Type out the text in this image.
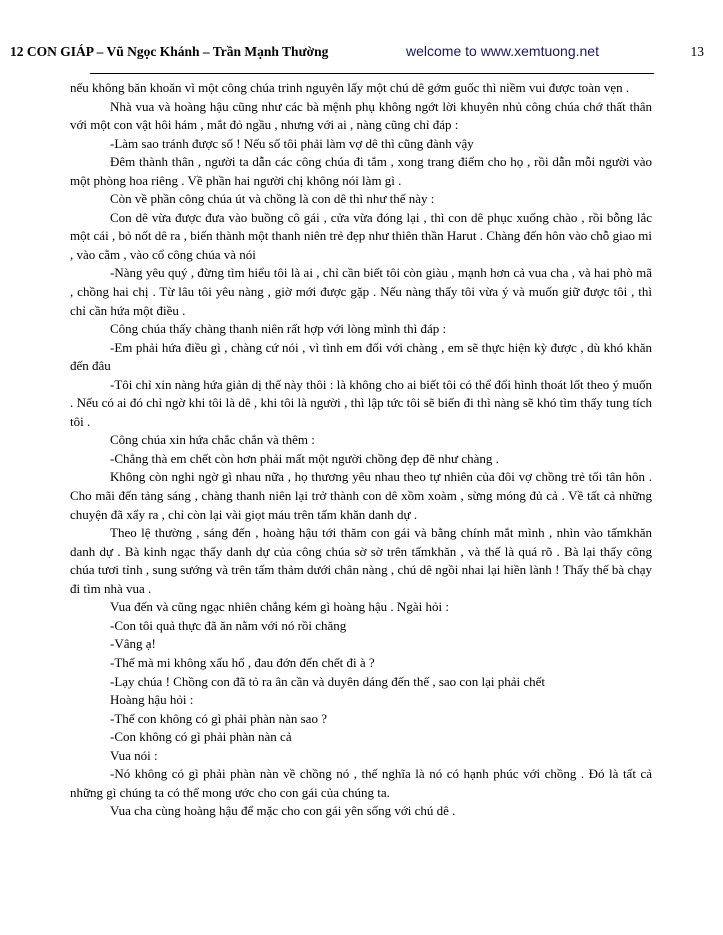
12 CON GIÁP – Vũ Ngọc Khánh – Trần Mạnh Thường	welcome to www.xemtuong.net	13

nếu không băn khoăn vì một công chúa trinh nguyên lấy một chú dê gớm guốc thì niềm vui được toàn vẹn .

Nhà vua và hoàng hậu cũng như các bà mệnh phụ không ngớt lời khuyên nhủ công chúa chớ thất thân với một con vật hôi hám , mắt đỏ ngầu , nhưng với ai , nàng cũng chỉ đáp :

-Làm sao tránh được số ! Nếu số tôi phải làm vợ dê thì cũng đành vậy

Đêm thành thân , người ta dẫn các công chúa đi tắm , xong trang điểm cho họ , rồi dẫn mỗi người vào một phòng hoa riêng . Về phần hai người chị không nói làm gì .

Còn về phần công chúa út và chồng là con dê thì như thế này :

Con dê vừa được đưa vào buồng cô gái , cửa vừa đóng lại , thì con dê phục xuống chào , rồi bỗng lắc một cái , bỏ nốt dê ra , biến thành một thanh niên trẻ đẹp như thiên thần Harut . Chàng đến hôn vào chỗ giao mi , vào cằm , vào cổ công chúa và nói

-Nàng yêu quý , đừng tìm hiểu tôi là ai , chỉ cần biết tôi còn giàu , mạnh hơn cả vua cha , và hai phò mã , chồng hai chị . Từ lâu tôi yêu nàng , giờ mới được gặp . Nếu nàng thấy tôi vừa ý và muốn giữ được tôi , thì chỉ cần hứa một điều .

Công chúa thấy chàng thanh niên rất hợp với lòng mình thì đáp :

-Em phải hứa điều gì , chàng cứ nói , vì tình em đối với chàng , em sẽ thực hiện kỳ được , dù khó khăn đến đâu

-Tôi chỉ xin nàng hứa giản dị thế này thôi : là không cho ai biết tôi có thể đổi hình thoát lốt theo ý muốn . Nếu có ai đó chỉ ngờ khi tôi là dê , khi tôi là người , thì lập tức tôi sẽ biến đi thì nàng sẽ khó tìm thấy tung tích tôi .

Công chúa xin hứa chắc chắn và thêm :

-Chẳng thà em chết còn hơn phải mất một người chồng đẹp đẽ như chàng .

Không còn nghi ngờ gì nhau nữa , họ thương yêu nhau theo tự nhiên của đôi vợ chồng trẻ tối tân hôn . Cho mãi đến tảng sáng , chàng thanh niên lại trở thành con dê xồm xoàm , sừng móng đủ cả . Về tất cả những chuyện đã xẩy ra , chỉ còn lại vài giọt máu trên tấm khăn danh dự .

Theo lệ thường , sáng đến , hoàng hậu tới thăm con gái và bằng chính mắt mình , nhìn vào tấmkhăn danh dự . Bà kinh ngạc thấy danh dự của công chúa sờ sờ trên tấmkhăn , và thế là quá rõ . Bà lại thấy công chúa tươi tỉnh , sung sướng và trên tấm thảm dưới chân nàng , chú dê ngồi nhai lại hiền lành ! Thấy thế bà chạy đi tìm nhà vua .

Vua đến và cũng ngạc nhiên chẳng kém gì hoàng hậu . Ngài hỏi :

-Con tôi quả thực đã ăn nằm với nó rồi chăng

-Vâng ạ!

-Thế mà mi không xấu hổ , đau đớn đến chết đi à ?

-Lạy chúa ! Chồng con đã tỏ ra ân cần và duyên dáng đến thế , sao con lại phải chết

Hoàng hậu hỏi :

-Thế con không có gì phải phàn nàn sao ?

-Con không có gì phải phàn nàn cả

Vua nói :

-Nó không có gì phải phàn nàn về chồng nó , thế nghĩa là nó có hạnh phúc với chồng . Đó là tất cả những gì chúng ta có thể mong ước cho con gái của chúng ta.

Vua cha cùng hoàng hậu để mặc cho con gái yên sống với chú dê .
